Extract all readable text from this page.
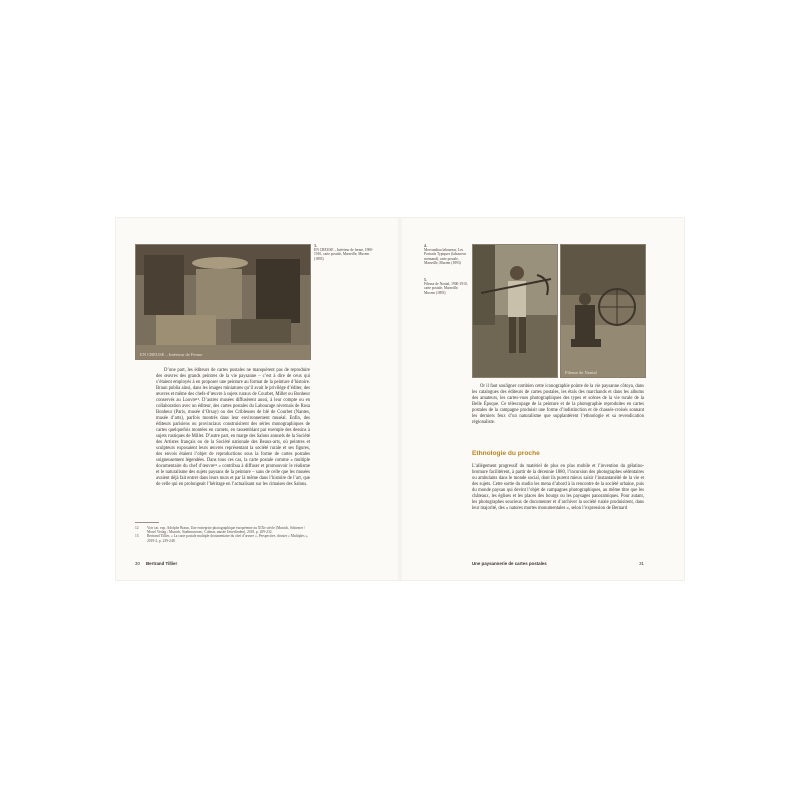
EN CREUSE – Intérieur de Ferme
3.
EN CREUSE – Intérieur de ferme, 1900-1910, carte postale, Marseille, Mucem (1893)

D’une part, les éditeurs de cartes postales ne manquèrent pas de reproduire des œuvres des grands peintres de la vie paysanne – c’est à dire de ceux qui s’étaient employés à en proposer une peinture au format de la peinture d’histoire. Braun publia ainsi, dans les images miniatures qu’il avait le privilège d’éditer, des œuvres et même des chefs-d’œuvre à sujets ruraux de Courbet, Millet ou Bonheur conservés au Louvre¹². D’autres musées diffusèrent aussi, à leur compte ou en collaboration avec un éditeur, des cartes postales du Labourage nivernais de Rosa Bonheur (Paris, musée d’Orsay) ou des Cribleuses de blé de Courbet (Nantes, musée d’arts), parfois montrés dans leur environnement muséal. Enfin, des éditeurs parisiens ou provinciaux construisirent des séries monographiques de cartes quelquefois montées en carnets, en rassemblant par exemple des dessins à sujets rustiques de Millet. D’autre part, en marge des Salons annuels de la Société des Artistes français ou de la Société nationale des Beaux-arts, où peintres et sculpteurs exposaient leurs œuvres représentant la société rurale et ses figures, des envois étaient l’objet de reproductions sous la forme de cartes postales soigneusement légendées. Dans tous ces cas, la carte postale comme « multiple documentaire du chef d’œuvre¹³ » contribua à diffuser et promouvoir le réalisme et le naturalisme des sujets paysans de la peinture – sans de celle que les musées avaient déjà fait entrer dans leurs murs et par là même dans l’histoire de l’art, que de celle qui en prolongeait l’héritage en l’actualisant sur les cimaises des Salons.

12	Voir cat. exp. Adolphe Braun, Une entreprise photographique européenne au XIXe siècle (Munich, Schirmer / Mosel Verlag ; Munich, Stadtmuseum ; Colmar, musée Unterlinden), 2018, p. 209-232.
13	Bertrand Tillier, « La carte postale multiple documentaire du chef d’œuvre », Perspective, dossier « Multiples », 2019-2, p. 239-248.
30 Bertrand Tillier
4.
Morvandiau laboureur, Les Portraits Typiques (laboureur normand), carte postale, Marseille, Mucem (1893)
5.
Fileuse de Nontal, 1900-1910, carte postale, Marseille, Mucem (1893)
Fileuse de Nontal

Or il faut souligner combien cette iconographie pointe de la vie paysanne côtoya, dans les catalogues des éditeurs de cartes postales, les étals des marchands et dans les albums des amateurs, les cartes-vues photographiques des types et scènes de la vie rurale de la Belle Époque. Ce télescopage de la peinture et de la photographie reproduites en cartes postales de la campagne produisit une forme d’indistinction et de chassés-croisés sonnant les derniers feux d’un naturalisme que supplantèrent l’ethnologie et sa revendication régionaliste.

Ethnologie du proche

L’allègement progressif du matériel de plus en plus mobile et l’invention du gélatino-bromure facilitèrent, à partir de la décennie 1880, l’incursion des photographes sédentaires ou ambulants dans le monde social, dont ils purent mieux saisir l’instantanéité de la vie et des sujets. Cette sortie du studio les mena d’abord à la rencontre de la société urbaine, puis du monde paysan qui devint l’objet de campagnes photographiques, au même titre que les châteaux, les églises et les places des bourgs ou les paysages panoramiques. Pour autant, les photographes soucieux de documenter et d’archiver la société rurale produisirent, dans leur majorité, des « natures mortes monumentales », selon l’expression de Bernard

Une paysannerie de cartes postales	31
